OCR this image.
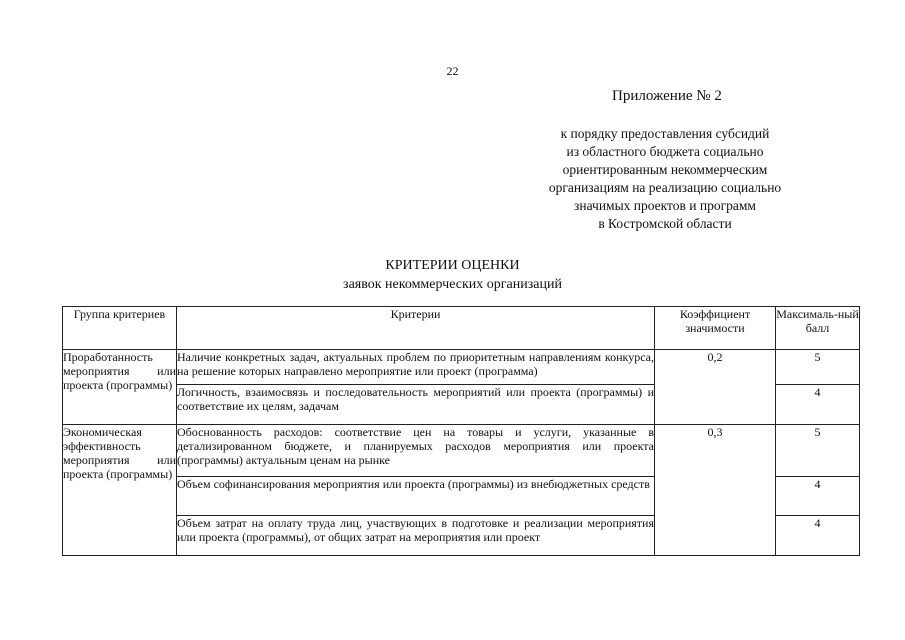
22
Приложение № 2
к порядку предоставления субсидий
из областного бюджета социально
ориентированным некоммерческим
организациям на реализацию социально
значимых проектов и программ
в Костромской области
КРИТЕРИИ ОЦЕНКИ
заявок некоммерческих организаций
Группа критериев	Критерии	Коэффициент значимости	Максималь-ный балл
Проработанность мероприятия или проекта (программы)	Наличие конкретных задач, актуальных проблем по приоритетным направлениям конкурса, на решение которых направлено мероприятие или проект (программа)	0,2	5
	Логичность, взаимосвязь и последовательность мероприятий или проекта (программы) и соответствие их целям, задачам		4
Экономическая эффективность мероприятия или проекта (программы)	Обоснованность расходов: соответствие цен на товары и услуги, указанные в детализированном бюджете, и планируемых расходов мероприятия или проекта (программы) актуальным ценам на рынке	0,3	5
	Объем софинансирования мероприятия или проекта (программы) из внебюджетных средств		4
	Объем затрат на оплату труда лиц, участвующих в подготовке и реализации мероприятия или проекта (программы), от общих затрат на мероприятия или проект		4
